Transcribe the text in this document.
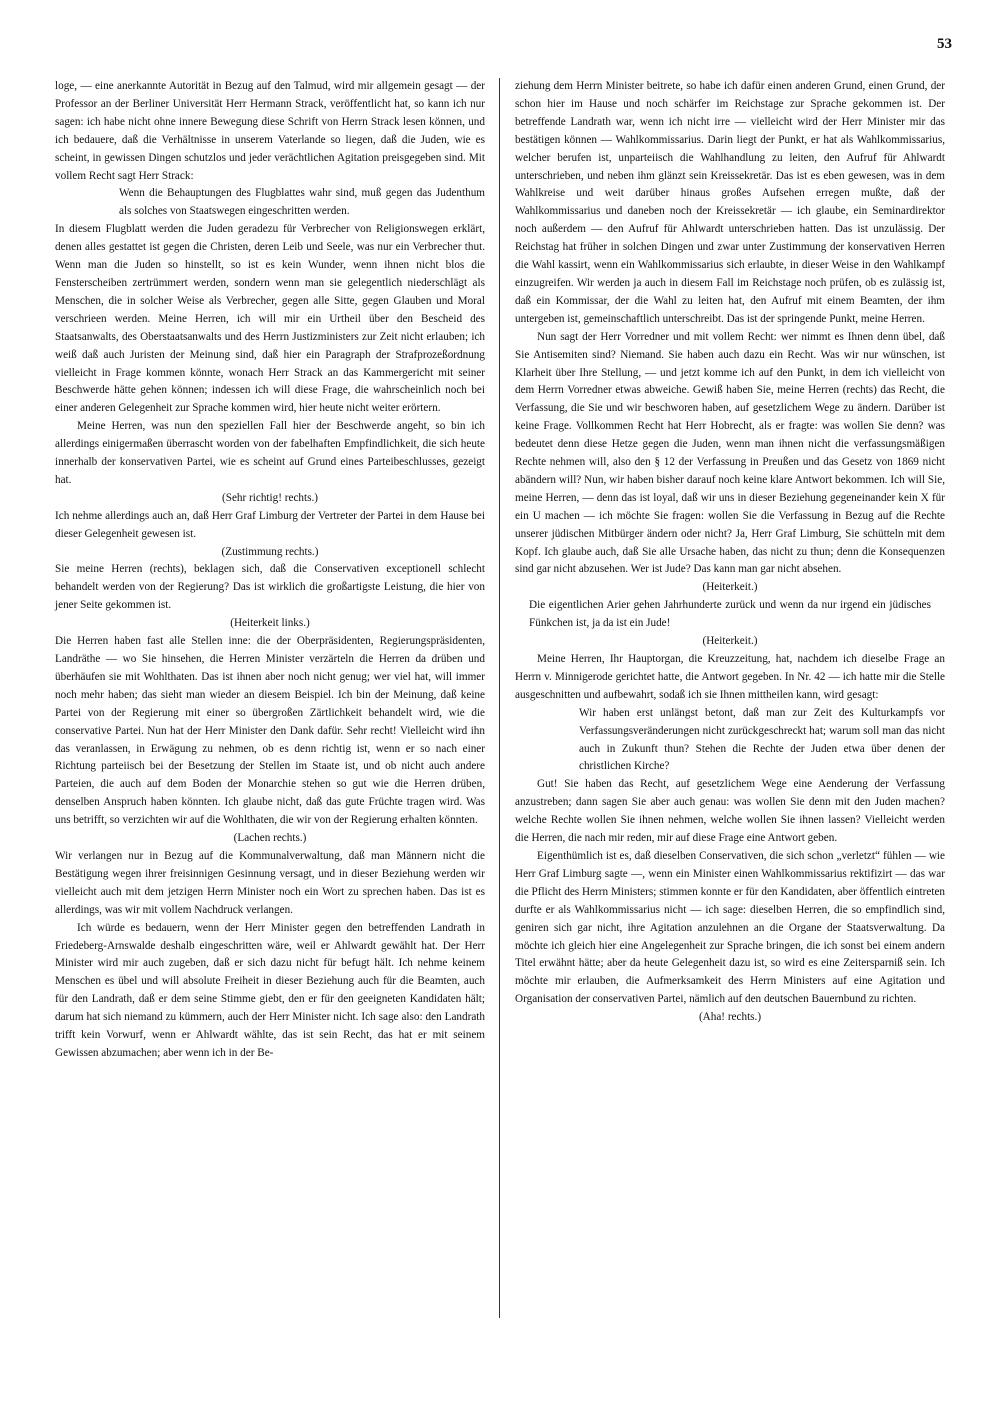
53

loge, — eine anerkannte Autorität in Bezug auf den Talmud, wird mir allgemein gesagt — der Professor an der Berliner Universität Herr Hermann Strack, veröffentlicht hat, so kann ich nur sagen: ich habe nicht ohne innere Bewegung diese Schrift von Herrn Strack lesen können, und ich bedauere, daß die Verhältnisse in unserem Vaterlande so liegen, daß die Juden, wie es scheint, in gewissen Dingen schutzlos und jeder verächtlichen Agitation preisgegeben sind. Mit vollem Recht sagt Herr Strack:

Wenn die Behauptungen des Flugblattes wahr sind, muß gegen das Judenthum als solches von Staatswegen eingeschritten werden.

In diesem Flugblatt werden die Juden geradezu für Verbrecher von Religionswegen erklärt, denen alles gestattet ist gegen die Christen, deren Leib und Seele, was nur ein Verbrecher thut. Wenn man die Juden so hinstellt, so ist es kein Wunder, wenn ihnen nicht blos die Fensterscheiben zertrümmert werden, sondern wenn man sie gelegentlich niederschlägt als Menschen, die in solcher Weise als Verbrecher, gegen alle Sitte, gegen Glauben und Moral verschrieen werden. Meine Herren, ich will mir ein Urtheil über den Bescheid des Staatsanwalts, des Oberstaatsanwalts und des Herrn Justizministers zur Zeit nicht erlauben; ich weiß daß auch Juristen der Meinung sind, daß hier ein Paragraph der Strafprozeßordnung vielleicht in Frage kommen könnte, wonach Herr Strack an das Kammergericht mit seiner Beschwerde hätte gehen können; indessen ich will diese Frage, die wahrscheinlich noch bei einer anderen Gelegenheit zur Sprache kommen wird, hier heute nicht weiter erörtern.

Meine Herren, was nun den speziellen Fall hier der Beschwerde angeht, so bin ich allerdings einigermaßen überrascht worden von der fabelhaften Empfindlichkeit, die sich heute innerhalb der konservativen Partei, wie es scheint auf Grund eines Parteibeschlusses, gezeigt hat.

(Sehr richtig! rechts.)

Ich nehme allerdings auch an, daß Herr Graf Limburg der Vertreter der Partei in dem Hause bei dieser Gelegenheit gewesen ist.

(Zustimmung rechts.)

Sie meine Herren (rechts), beklagen sich, daß die Conservativen exceptionell schlecht behandelt werden von der Regierung? Das ist wirklich die großartigste Leistung, die hier von jener Seite gekommen ist.

(Heiterkeit links.)

Die Herren haben fast alle Stellen inne: die der Oberpräsidenten, Regierungspräsidenten, Landräthe — wo Sie hinsehen, die Herren Minister verzärteln die Herren da drüben und überhäufen sie mit Wohlthaten. Das ist ihnen aber noch nicht genug; wer viel hat, will immer noch mehr haben; das sieht man wieder an diesem Beispiel. Ich bin der Meinung, daß keine Partei von der Regierung mit einer so übergroßen Zärtlichkeit behandelt wird, wie die conservative Partei. Nun hat der Herr Minister den Dank dafür. Sehr recht! Vielleicht wird ihn das veranlassen, in Erwägung zu nehmen, ob es denn richtig ist, wenn er so nach einer Richtung parteiisch bei der Besetzung der Stellen im Staate ist, und ob nicht auch andere Parteien, die auch auf dem Boden der Monarchie stehen so gut wie die Herren drüben, denselben Anspruch haben könnten. Ich glaube nicht, daß das gute Früchte tragen wird. Was uns betrifft, so verzichten wir auf die Wohlthaten, die wir von der Regierung erhalten könnten.

(Lachen rechts.)

Wir verlangen nur in Bezug auf die Kommunalverwaltung, daß man Männern nicht die Bestätigung wegen ihrer freisinnigen Gesinnung versagt, und in dieser Beziehung werden wir vielleicht auch mit dem jetzigen Herrn Minister noch ein Wort zu sprechen haben. Das ist es allerdings, was wir mit vollem Nachdruck verlangen.

Ich würde es bedauern, wenn der Herr Minister gegen den betreffenden Landrath in Friedeberg-Arnswalde deshalb eingeschritten wäre, weil er Ahlwardt gewählt hat. Der Herr Minister wird mir auch zugeben, daß er sich dazu nicht für befugt hält. Ich nehme keinem Menschen es übel und will absolute Freiheit in dieser Beziehung auch für die Beamten, auch für den Landrath, daß er dem seine Stimme giebt, den er für den geeigneten Kandidaten hält; darum hat sich niemand zu kümmern, auch der Herr Minister nicht. Ich sage also: den Landrath trifft kein Vorwurf, wenn er Ahlwardt wählte, das ist sein Recht, das hat er mit seinem Gewissen abzumachen; aber wenn ich in der Be-

ziehung dem Herrn Minister beitrete, so habe ich dafür einen anderen Grund, einen Grund, der schon hier im Hause und noch schärfer im Reichstage zur Sprache gekommen ist. Der betreffende Landrath war, wenn ich nicht irre — vielleicht wird der Herr Minister mir das bestätigen können — Wahlkommissarius. Darin liegt der Punkt, er hat als Wahlkommissarius, welcher berufen ist, unparteiisch die Wahlhandlung zu leiten, den Aufruf für Ahlwardt unterschrieben, und neben ihm glänzt sein Kreissekretär. Das ist es eben gewesen, was in dem Wahlkreise und weit darüber hinaus großes Aufsehen erregen mußte, daß der Wahlkommissarius und daneben noch der Kreissekretär — ich glaube, ein Seminardirektor noch außerdem — den Aufruf für Ahlwardt unterschrieben hatten. Das ist unzulässig. Der Reichstag hat früher in solchen Dingen und zwar unter Zustimmung der konservativen Herren die Wahl kassirt, wenn ein Wahlkommissarius sich erlaubte, in dieser Weise in den Wahlkampf einzugreifen. Wir werden ja auch in diesem Fall im Reichstage noch prüfen, ob es zulässig ist, daß ein Kommissar, der die Wahl zu leiten hat, den Aufruf mit einem Beamten, der ihm untergeben ist, gemeinschaftlich unterschreibt. Das ist der springende Punkt, meine Herren.

Nun sagt der Herr Vorredner und mit vollem Recht: wer nimmt es Ihnen denn übel, daß Sie Antisemiten sind? Niemand. Sie haben auch dazu ein Recht. Was wir nur wünschen, ist Klarheit über Ihre Stellung, — und jetzt komme ich auf den Punkt, in dem ich vielleicht von dem Herrn Vorredner etwas abweiche. Gewiß haben Sie, meine Herren (rechts) das Recht, die Verfassung, die Sie und wir beschworen haben, auf gesetzlichem Wege zu ändern. Darüber ist keine Frage. Vollkommen Recht hat Herr Hobrecht, als er fragte: was wollen Sie denn? was bedeutet denn diese Hetze gegen die Juden, wenn man ihnen nicht die verfassungsmäßigen Rechte nehmen will, also den § 12 der Verfassung in Preußen und das Gesetz von 1869 nicht abändern will? Nun, wir haben bisher darauf noch keine klare Antwort bekommen. Ich will Sie, meine Herren, — denn das ist loyal, daß wir uns in dieser Beziehung gegeneinander kein X für ein U machen — ich möchte Sie fragen: wollen Sie die Verfassung in Bezug auf die Rechte unserer jüdischen Mitbürger ändern oder nicht? Ja, Herr Graf Limburg, Sie schütteln mit dem Kopf. Ich glaube auch, daß Sie alle Ursache haben, das nicht zu thun; denn die Konsequenzen sind gar nicht abzusehen. Wer ist Jude? Das kann man gar nicht absehen.

(Heiterkeit.)

Die eigentlichen Arier gehen Jahrhunderte zurück und wenn da nur irgend ein jüdisches Fünkchen ist, ja da ist ein Jude!

(Heiterkeit.)

Meine Herren, Ihr Hauptorgan, die Kreuzzeitung, hat, nachdem ich dieselbe Frage an Herrn v. Minnigerode gerichtet hatte, die Antwort gegeben. In Nr. 42 — ich hatte mir die Stelle ausgeschnitten und aufbewahrt, sodaß ich sie Ihnen mittheilen kann, wird gesagt:

Wir haben erst unlängst betont, daß man zur Zeit des Kulturkampfs vor Verfassungsveränderungen nicht zurückgeschreckt hat; warum soll man das nicht auch in Zukunft thun? Stehen die Rechte der Juden etwa über denen der christlichen Kirche?

Gut! Sie haben das Recht, auf gesetzlichem Wege eine Aenderung der Verfassung anzustreben; dann sagen Sie aber auch genau: was wollen Sie denn mit den Juden machen? welche Rechte wollen Sie ihnen nehmen, welche wollen Sie ihnen lassen? Vielleicht werden die Herren, die nach mir reden, mir auf diese Frage eine Antwort geben.

Eigenthümlich ist es, daß dieselben Conservativen, die sich schon „verletzt“ fühlen — wie Herr Graf Limburg sagte —, wenn ein Minister einen Wahlkommissarius rektifizirt — das war die Pflicht des Herrn Ministers; stimmen konnte er für den Kandidaten, aber öffentlich eintreten durfte er als Wahlkommissarius nicht — ich sage: dieselben Herren, die so empfindlich sind, geniren sich gar nicht, ihre Agitation anzulehnen an die Organe der Staatsverwaltung. Da möchte ich gleich hier eine Angelegenheit zur Sprache bringen, die ich sonst bei einem andern Titel erwähnt hätte; aber da heute Gelegenheit dazu ist, so wird es eine Zeitersparniß sein. Ich möchte mir erlauben, die Aufmerksamkeit des Herrn Ministers auf eine Agitation und Organisation der conservativen Partei, nämlich auf den deutschen Bauernbund zu richten.

(Aha! rechts.)
